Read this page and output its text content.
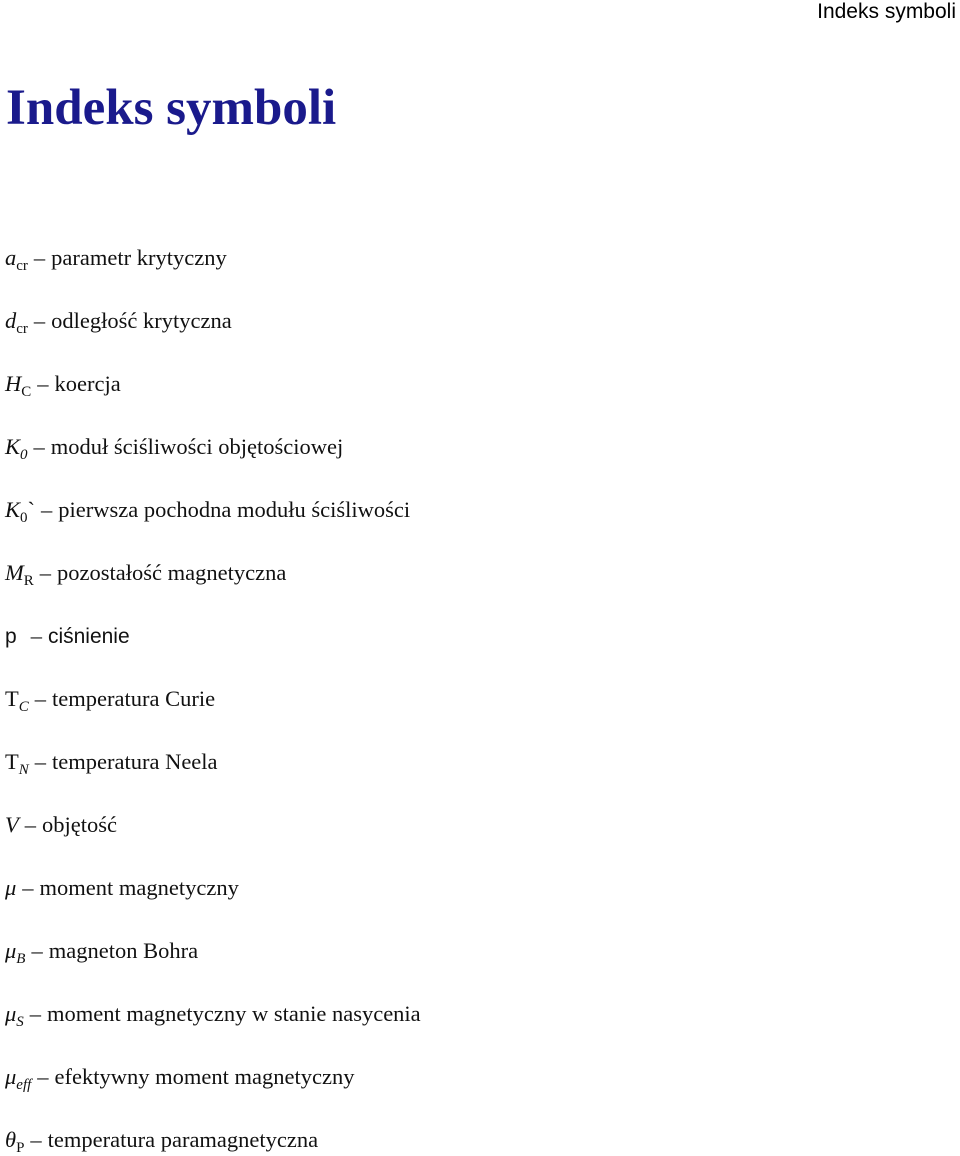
Indeks symboli
Indeks symboli
$a_{cr}$ – parametr krytyczny
$d_{cr}$ – odległość krytyczna
$H_C$ – koercja
$K_0$ – moduł ściśliwości objętościowej
$K_0`$ – pierwsza pochodna modułu ściśliwości
$M_R$ – pozostałość magnetyczna
p – ciśnienie
$T_C$ – temperatura Curie
$T_N$ – temperatura Neela
V – objętość
μ – moment magnetyczny
$\mu_B$ – magneton Bohra
$\mu_S$ – moment magnetyczny w stanie nasycenia
$\mu_{eff}$ – efektywny moment magnetyczny
$\theta_P$ – temperatura paramagnetyczna
